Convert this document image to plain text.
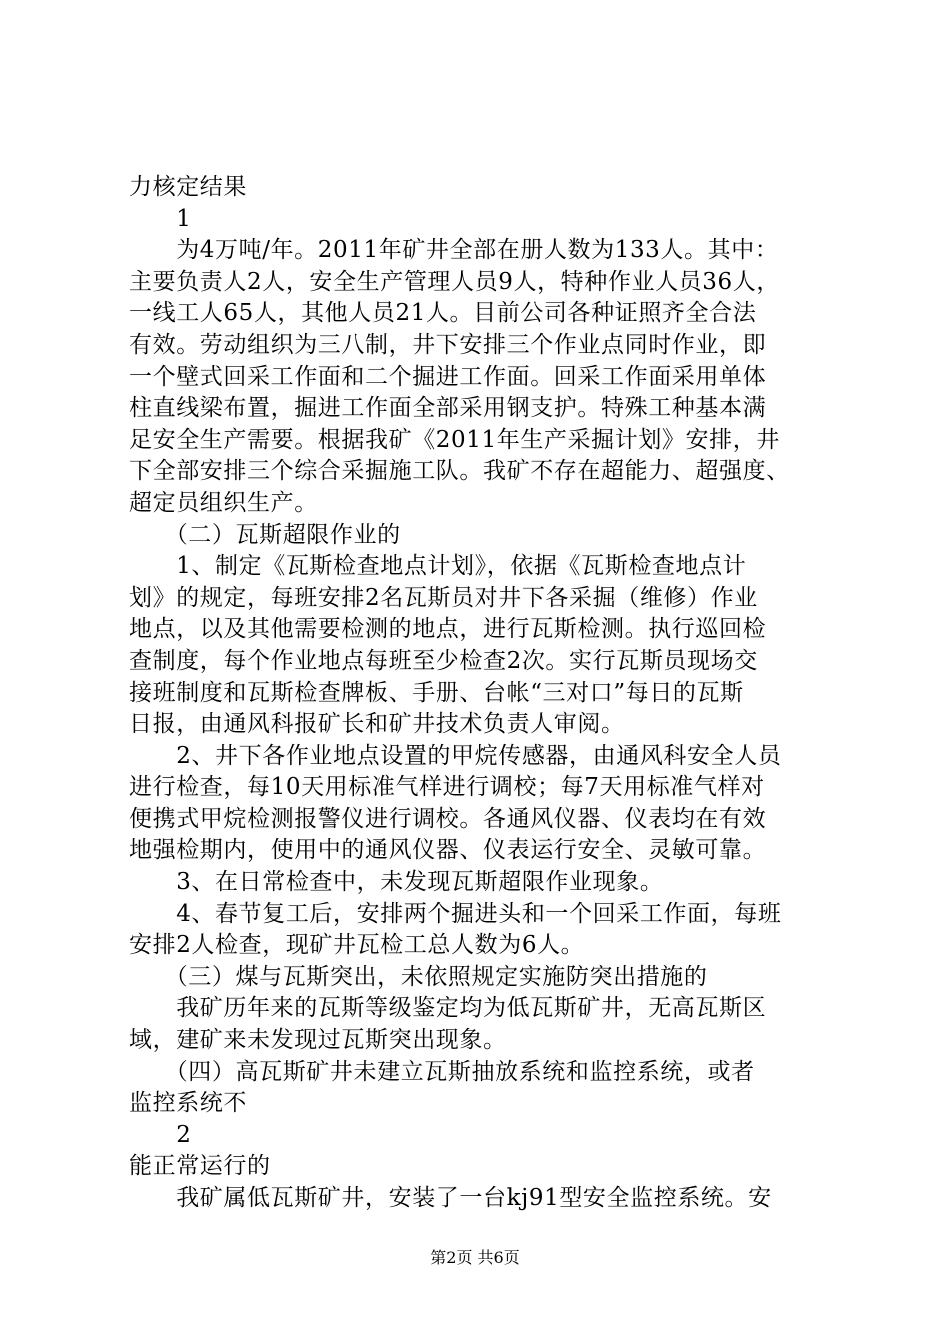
力核定结果
　　1
　　为4万吨/年。2011年矿井全部在册人数为133人。其中：
主要负责人2人，安全生产管理人员9人，特种作业人员36人，
一线工人65人，其他人员21人。目前公司各种证照齐全合法
有效。劳动组织为三八制，井下安排三个作业点同时作业，即
一个壁式回采工作面和二个掘进工作面。回采工作面采用单体
柱直线梁布置，掘进工作面全部采用钢支护。特殊工种基本满
足安全生产需要。根据我矿《2011年生产采掘计划》安排，井
下全部安排三个综合采掘施工队。我矿不存在超能力、超强度、
超定员组织生产。
　　（二）瓦斯超限作业的
　　1、制定《瓦斯检查地点计划》，依据《瓦斯检查地点计
划》的规定，每班安排2名瓦斯员对井下各采掘（维修）作业
地点，以及其他需要检测的地点，进行瓦斯检测。执行巡回检
查制度，每个作业地点每班至少检查2次。实行瓦斯员现场交
接班制度和瓦斯检查牌板、手册、台帐“三对口”每日的瓦斯
日报，由通风科报矿长和矿井技术负责人审阅。
　　2、井下各作业地点设置的甲烷传感器，由通风科安全人员
进行检查，每10天用标准气样进行调校；每7天用标准气样对
便携式甲烷检测报警仪进行调校。各通风仪器、仪表均在有效
地强检期内，使用中的通风仪器、仪表运行安全、灵敏可靠。
　　3、在日常检查中，未发现瓦斯超限作业现象。
　　4、春节复工后，安排两个掘进头和一个回采工作面，每班
安排2人检查，现矿井瓦检工总人数为6人。
　　（三）煤与瓦斯突出，未依照规定实施防突出措施的
　　我矿历年来的瓦斯等级鉴定均为低瓦斯矿井，无高瓦斯区
域，建矿来未发现过瓦斯突出现象。
　　（四）高瓦斯矿井未建立瓦斯抽放系统和监控系统，或者
监控系统不
　　2
能正常运行的
　　我矿属低瓦斯矿井，安装了一台kj91型安全监控系统。安
第2页 共6页
